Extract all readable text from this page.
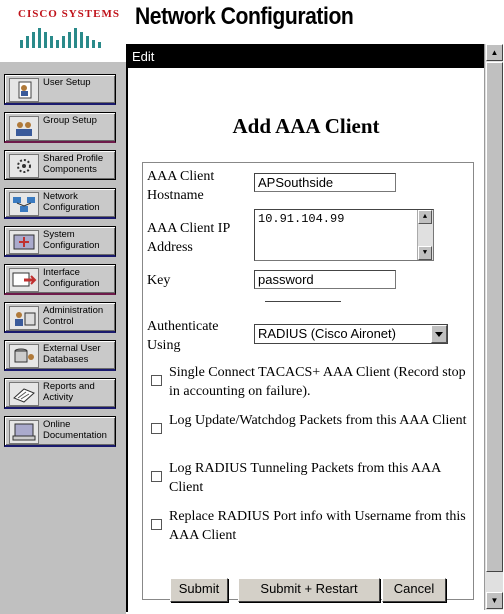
CISCO SYSTEMS Network Configuration
User Setup
Group Setup
Shared Profile Components
Network Configuration
System Configuration
Interface Configuration
Administration Control
External User Databases
Reports and Activity
Online Documentation
Edit	▲
▼
Add AAA Client
AAA Client Hostname
APSouthside
AAA Client IP Address
10.91.104.99	▲
▼
Key	password
Authenticate Using
RADIUS (Cisco Aironet)
Single Connect TACACS+ AAA Client (Record stop in accounting on failure).
Log Update/Watchdog Packets from this AAA Client
Log RADIUS Tunneling Packets from this AAA Client
Replace RADIUS Port info with Username from this AAA Client
Submit	Submit + Restart	Cancel
